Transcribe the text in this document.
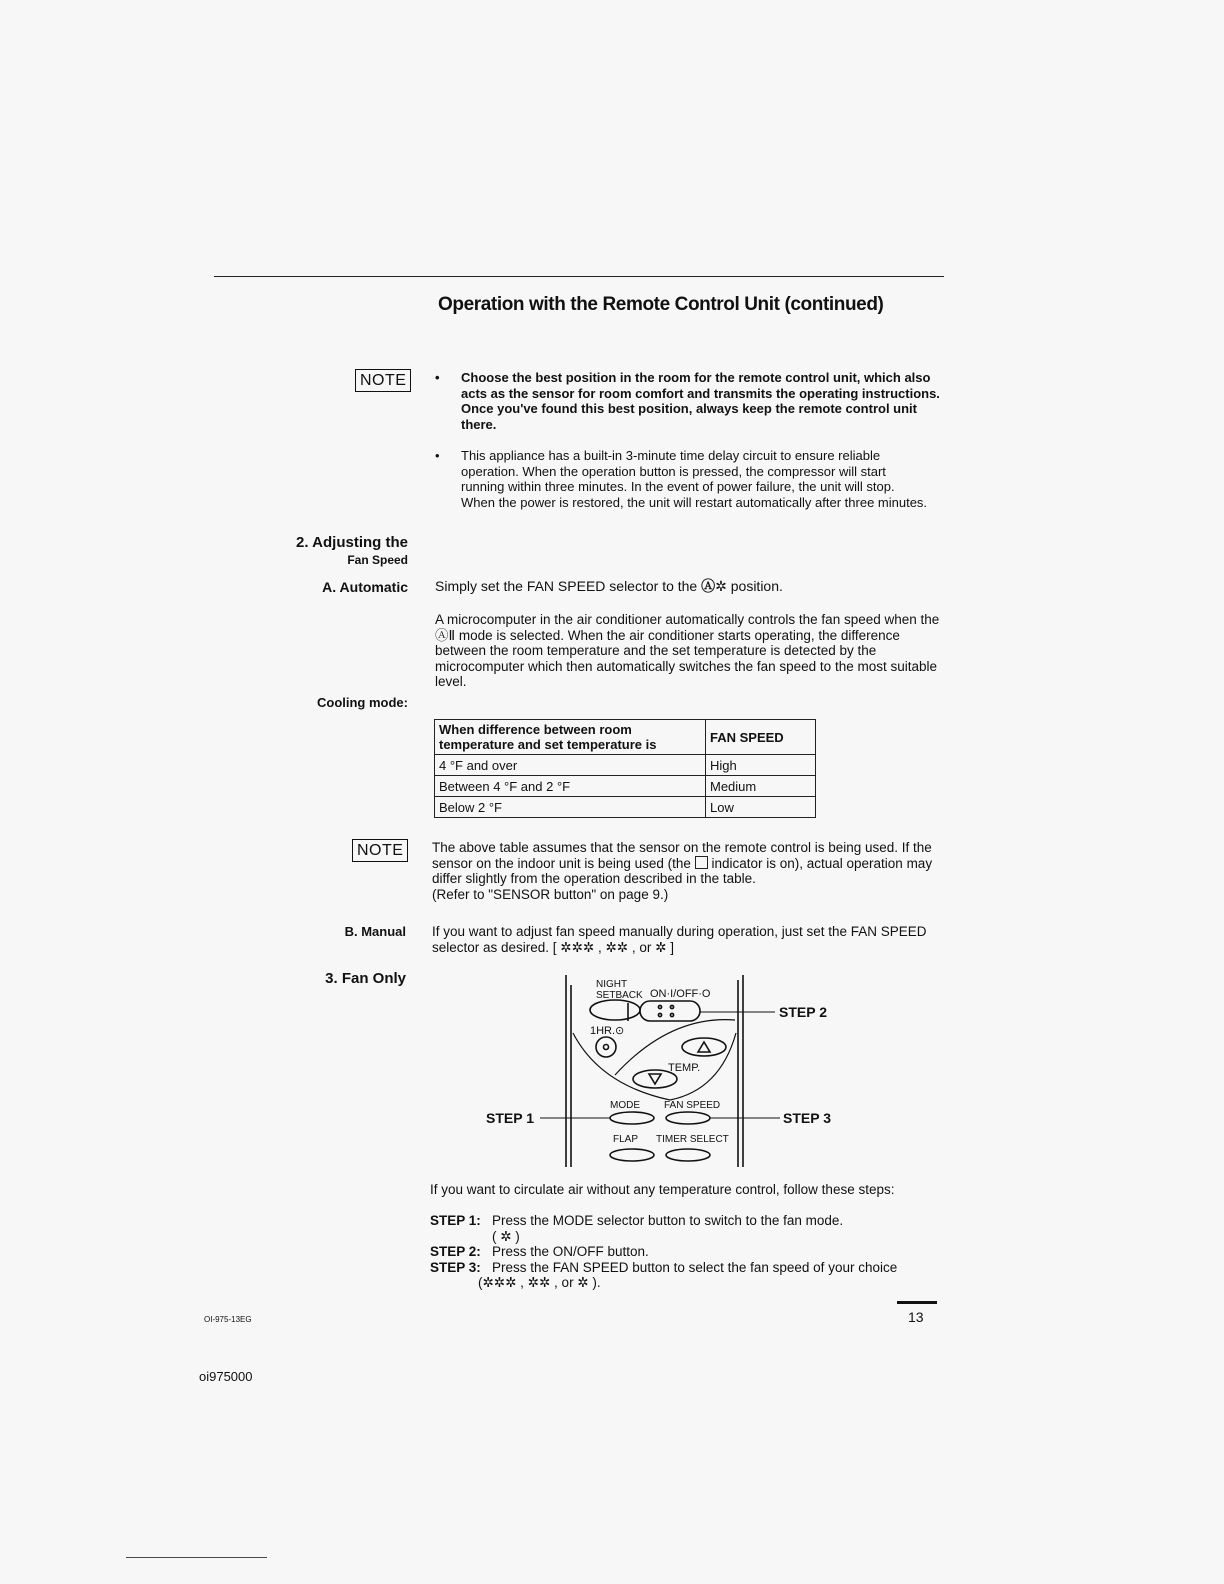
Operation with the Remote Control Unit (continued)
NOTE	• Choose the best position in the room for the remote control unit, which also acts as the sensor for room comfort and transmits the operating instructions. Once you've found this best position, always keep the remote control unit there.
• This appliance has a built-in 3-minute time delay circuit to ensure reliable operation. When the operation button is pressed, the compressor will start running within three minutes. In the event of power failure, the unit will stop. When the power is restored, the unit will restart automatically after three minutes.
2. Adjusting the
Fan Speed
A. Automatic Simply set the FAN SPEED selector to the Ⓐ✲ position.
A microcomputer in the air conditioner automatically controls the fan speed when the ⒶⅡ mode is selected. When the air conditioner starts operating, the difference between the room temperature and the set temperature is detected by the microcomputer which then automatically switches the fan speed to the most suitable level.
Cooling mode:
When difference between room temperature and set temperature is	FAN SPEED
4 °F and over	High
Between 4 °F and 2 °F	Medium
Below 2 °F	Low
NOTE	The above table assumes that the sensor on the remote control is being used. If the sensor on the indoor unit is being used (the indicator is on), actual operation may differ slightly from the operation described in the table.
(Refer to "SENSOR button" on page 9.)
B. Manual If you want to adjust fan speed manually during operation, just set the FAN SPEED selector as desired. [ ✲✲✲ , ✲✲ , or ✲ ]
3. Fan Only	NIGHT
SETBACK ON·I/OFF·O
1HR.⊙
TEMP.
MODE FAN SPEED
FLAP TIMER SELECT
STEP 1
STEP 2
STEP 3
If you want to circulate air without any temperature control, follow these steps:
STEP 1: Press the MODE selector button to switch to the fan mode.
( ✲ )
STEP 2: Press the ON/OFF button.
STEP 3: Press the FAN SPEED button to select the fan speed of your choice
(✲✲✲ , ✲✲ , or ✲ ).
13
OI-975-13EG
oi975000
